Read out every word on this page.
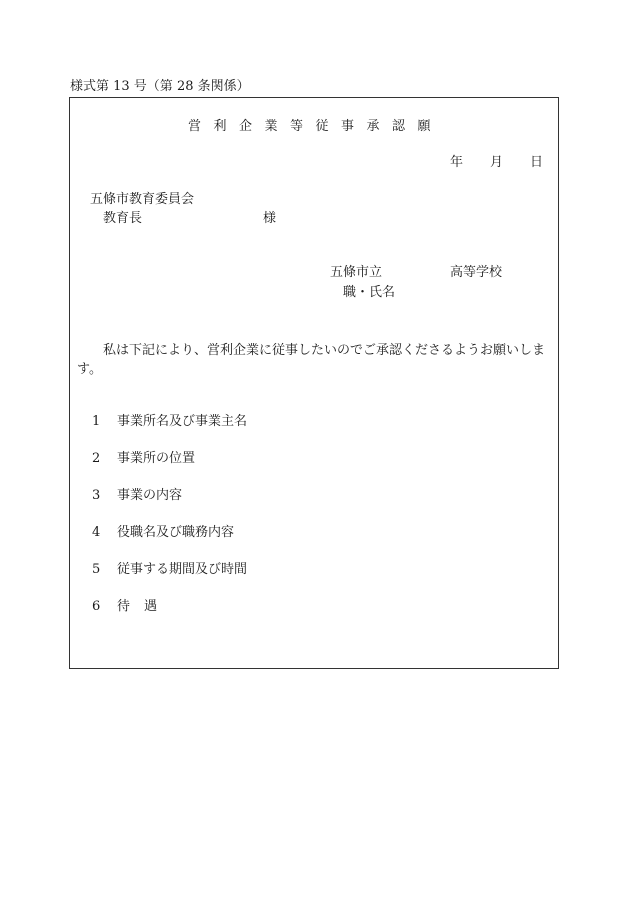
様式第 13 号（第 28 条関係）
営利企業等従事承認願
年 月 日
五條市教育委員会
教育長	様
五條市立	高等学校
職・氏名
私は下記により、営利企業に従事したいのでご承認くださるようお願いします。
1 事業所名及び事業主名
2 事業所の位置
3 事業の内容
4 役職名及び職務内容
5 従事する期間及び時間
6 待遇
